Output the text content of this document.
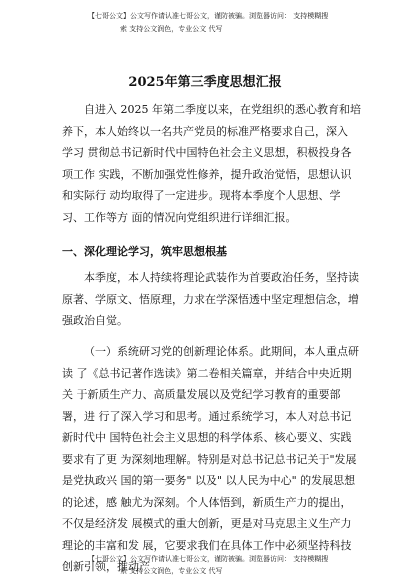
【七哥公文】公文写作请认准七哥公文，谨防被骗。浏览器访问： 支持模糊搜
索 支持公文润色，专业公文 代写
2025年第三季度思想汇报
自进入 2025 年第二季度以来，在党组织的悉心教育和培
养下，本人始终以一名共产党员的标准严格要求自己，深入
学习 贯彻总书记新时代中国特色社会主义思想，积极投身各
项工作 实践，不断加强党性修养，提升政治觉悟，思想认识
和实际行 动均取得了一定进步。现将本季度个人思想、学
习、工作等方 面的情况向党组织进行详细汇报。
一、深化理论学习，筑牢思想根基
本季度，本人持续将理论武装作为首要政治任务，坚持读
原著、学原文、悟原理，力求在学深悟透中坚定理想信念，增
强政治自觉。
（一）系统研习党的创新理论体系。此期间，本人重点研
读 了《总书记著作选读》第二卷相关篇章，并结合中央近期
关 于新质生产力、高质量发展以及党纪学习教育的重要部
署，进 行了深入学习和思考。通过系统学习，本人对总书记
新时代中 国特色社会主义思想的科学体系、核心要义、实践
要求有了更 为深刻地理解。特别是对总书记总书记关于"发展
是党执政兴 国的第一要务" 以及" 以人民为中心" 的发展思想
的论述，感 触尤为深刻。个人体悟到，新质生产力的提出，
不仅是经济发 展模式的重大创新，更是对马克思主义生产力
理论的丰富和发 展，它要求我们在具体工作中必须坚持科技
创新引领，推动产
【七哥公文】公文写作请认准七哥公文，谨防被骗。浏览器访问： 支持模糊搜
索 支持公文润色，专业公文 代写
